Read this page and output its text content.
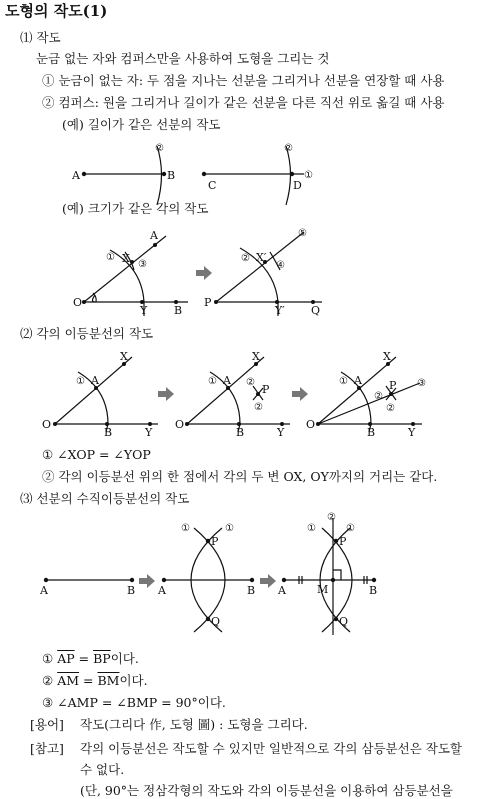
도형의 작도(1)
⑴ 작도
눈금 없는 자와 컴퍼스만을 사용하여 도형을 그리는 것
① 눈금이 없는 자: 두 점을 지나는 선분을 그리거나 선분을 연장할 때 사용
② 컴퍼스: 원을 그리거나 길이가 같은 선분을 다른 직선 위로 옮길 때 사용
(예) 길이가 같은 선분의 작도
(예) 크기가 같은 각의 작도
⑵ 각의 이등분선의 작도
① ∠XOP = ∠YOP
② 각의 이등분선 위의 한 점에서 각의 두 변 OX, OY까지의 거리는 같다.
⑶ 선분의 수직이등분선의 작도
① $\overline{AP} = \overline{BP}$이다.
② $\overline{AM} = \overline{BM}$이다.
③ ∠AMP = ∠BMP = 90°이다.
[용어] 작도(그리다 作, 도형 圖) : 도형을 그리다.
[참고] 각의 이등분선은 작도할 수 있지만 일반적으로 각의 삼등분선은 작도할
수 없다.
(단, 90°는 정삼각형의 작도와 각의 이등분선을 이용하여 삼등분선을
A	B
②
C	D
②
①
O
Y B
X
①
③
A
P
Y′ Q
X′
②
④
⑤
O
B	Y
A
①
X
O
B	Y
A
①
X
P
②
②
O
B	Y
A
①
X
P
②
②
③
A	B A	B
P
Q
①	①
A	B
M
P
Q
①	①
②
